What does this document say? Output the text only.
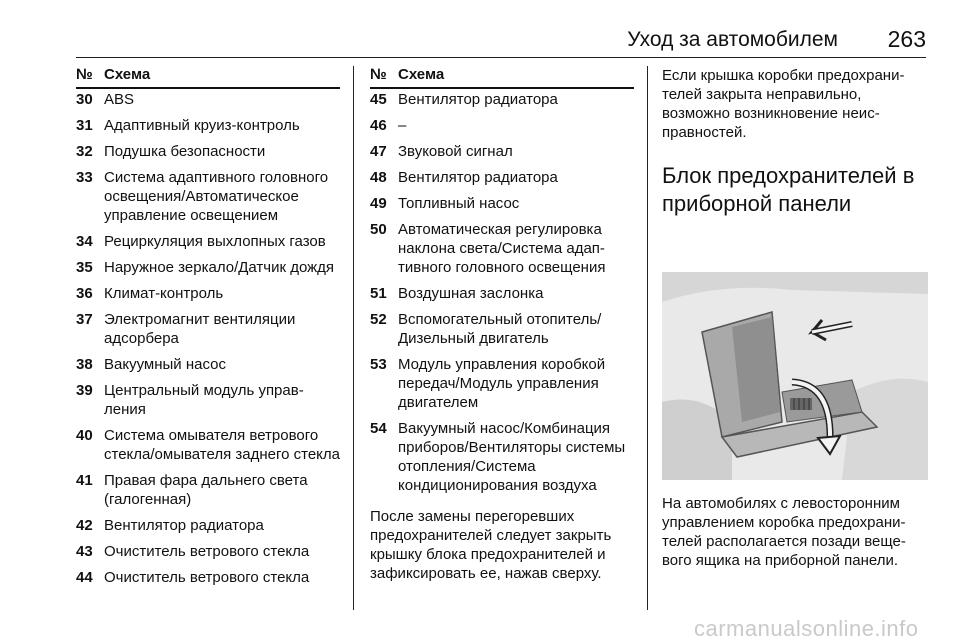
Уход за автомобилем 263
№	Схема
30	ABS
31	Адаптивный круиз-контроль
32	Подушка безопасности
33	Система адаптивного головного освещения/Автоматическое управление освещением
34	Рециркуляция выхлопных газов
35	Наружное зеркало/Датчик дождя
36	Климат-контроль
37	Электромагнит вентиляции адсорбера
38	Вакуумный насос
39	Центральный модуль управления
40	Система омывателя ветрового стекла/омывателя заднего стекла
41	Правая фара дальнего света (галогенная)
42	Вентилятор радиатора
43	Очиститель ветрового стекла
44	Очиститель ветрового стекла
№	Схема
45	Вентилятор радиатора
46	–
47	Звуковой сигнал
48	Вентилятор радиатора
49	Топливный насос
50	Автоматическая регулировка наклона света/Система адаптивного головного освещения
51	Воздушная заслонка
52	Вспомогательный отопитель/ Дизельный двигатель
53	Модуль управления коробкой передач/Модуль управления двигателем
54	Вакуумный насос/Комбинация приборов/Вентиляторы системы отопления/Система кондиционирования воздуха

После замены перегоревших предохранителей следует закрыть крышку блока предохранителей и зафиксировать ее, нажав сверху.

Если крышка коробки предохранителей закрыта неправильно, возможно возникновение неисправностей.

Блок предохранителей в приборной панели

На автомобилях с левосторонним управлением коробка предохранителей располагается позади вещевого ящика на приборной панели.

carmanualsonline.info
